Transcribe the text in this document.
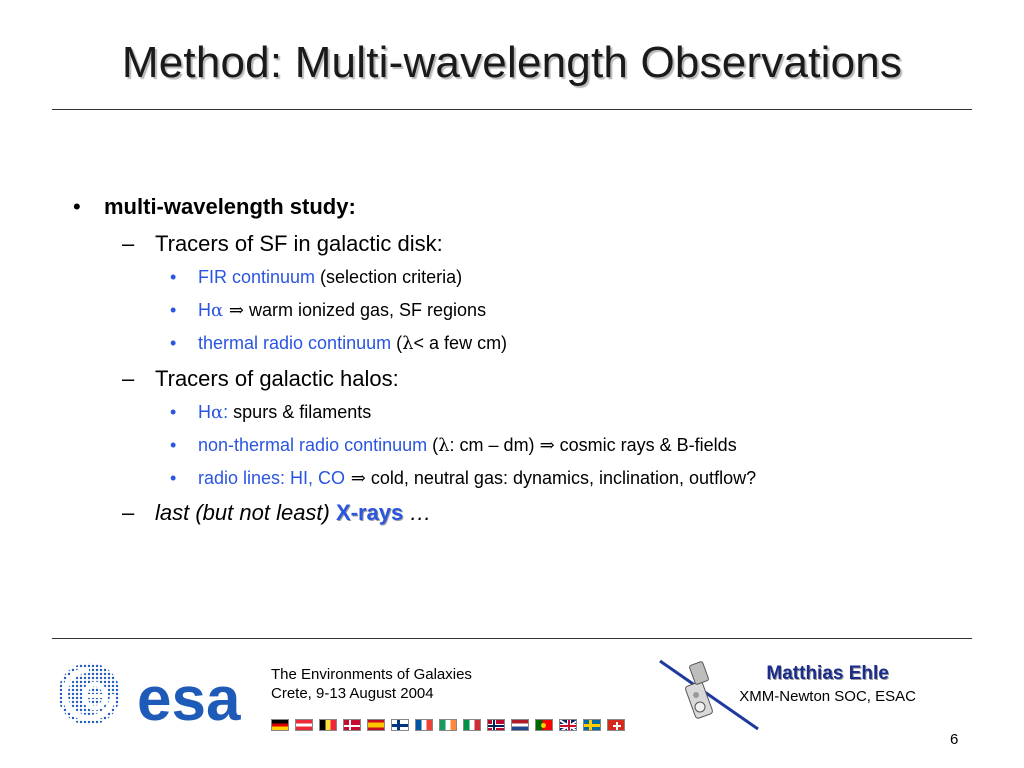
Method: Multi-wavelength Observations
• multi-wavelength study:
– Tracers of SF in galactic disk:
• FIR continuum (selection criteria)
• Hα ⇒ warm ionized gas, SF regions
• thermal radio continuum (λ< a few cm)
– Tracers of galactic halos:
• Hα: spurs & filaments
• non-thermal radio continuum (λ: cm – dm) ⇒ cosmic rays & B-fields
• radio lines: HI, CO ⇒ cold, neutral gas: dynamics, inclination, outflow?
– last (but not least) X-rays …
esa The Environments of Galaxies
Crete, 9-13 August 2004
Matthias Ehle
XMM-Newton SOC, ESAC
6
